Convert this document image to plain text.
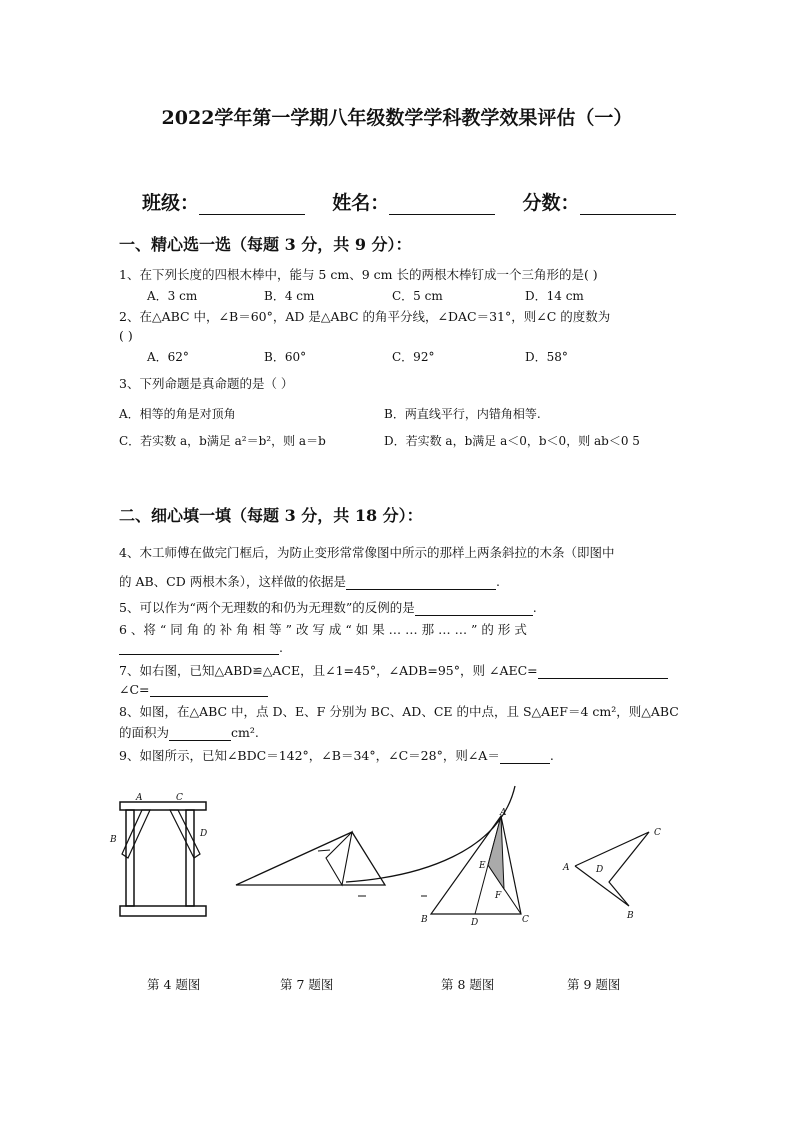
2022学年第一学期八年级数学学科教学效果评估（一）
班级：	姓名：	分数：
一、精心选一选（每题 3 分，共 9 分）：
1、在下列长度的四根木棒中，能与 5 cm、9 cm 长的两根木棒钉成一个三角形的是( )
A．3 cm	B．4 cm	C．5 cm	D．14 cm
2、在△ABC 中，∠B＝60°，AD 是△ABC 的角平分线，∠DAC＝31°，则∠C 的度数为
( )
A．62°	B．60°	C．92°	D．58°
3、下列命题是真命题的是（ ）
A．相等的角是对顶角	B．两直线平行，内错角相等.
C．若实数 a，b满足 a²＝b²，则 a＝b	D．若实数 a，b满足 a＜0，b＜0，则 ab＜0 5
二、细心填一填（每题 3 分，共 18 分）：
4、木工师傅在做完门框后，为防止变形常常像图中所示的那样上两条斜拉的木条（即图中
的 AB、CD 两根木条），这样做的依据是	.
5、可以作为“两个无理数的和仍为无理数”的反例的是	.
6 、将 “ 同 角 的 补 角 相 等 ” 改 写 成 “ 如 果 … … 那 … … ” 的 形 式
.
7、如右图，已知△ABD≌△ACE，且∠1=45°，∠ADB=95°，则 ∠AEC=
∠C=
8、如图，在△ABC 中，点 D、E、F 分别为 BC、AD、CE 的中点，且 S△AEF＝4 cm²，则△ABC
的面积为	cm².
9、如图所示，已知∠BDC＝142°，∠B＝34°，∠C＝28°，则∠A＝	.
A	C
B
D
A
E
F
B	D	C
A	D
C
B
第 4 题图	第 7 题图	第 8 题图	第 9 题图
